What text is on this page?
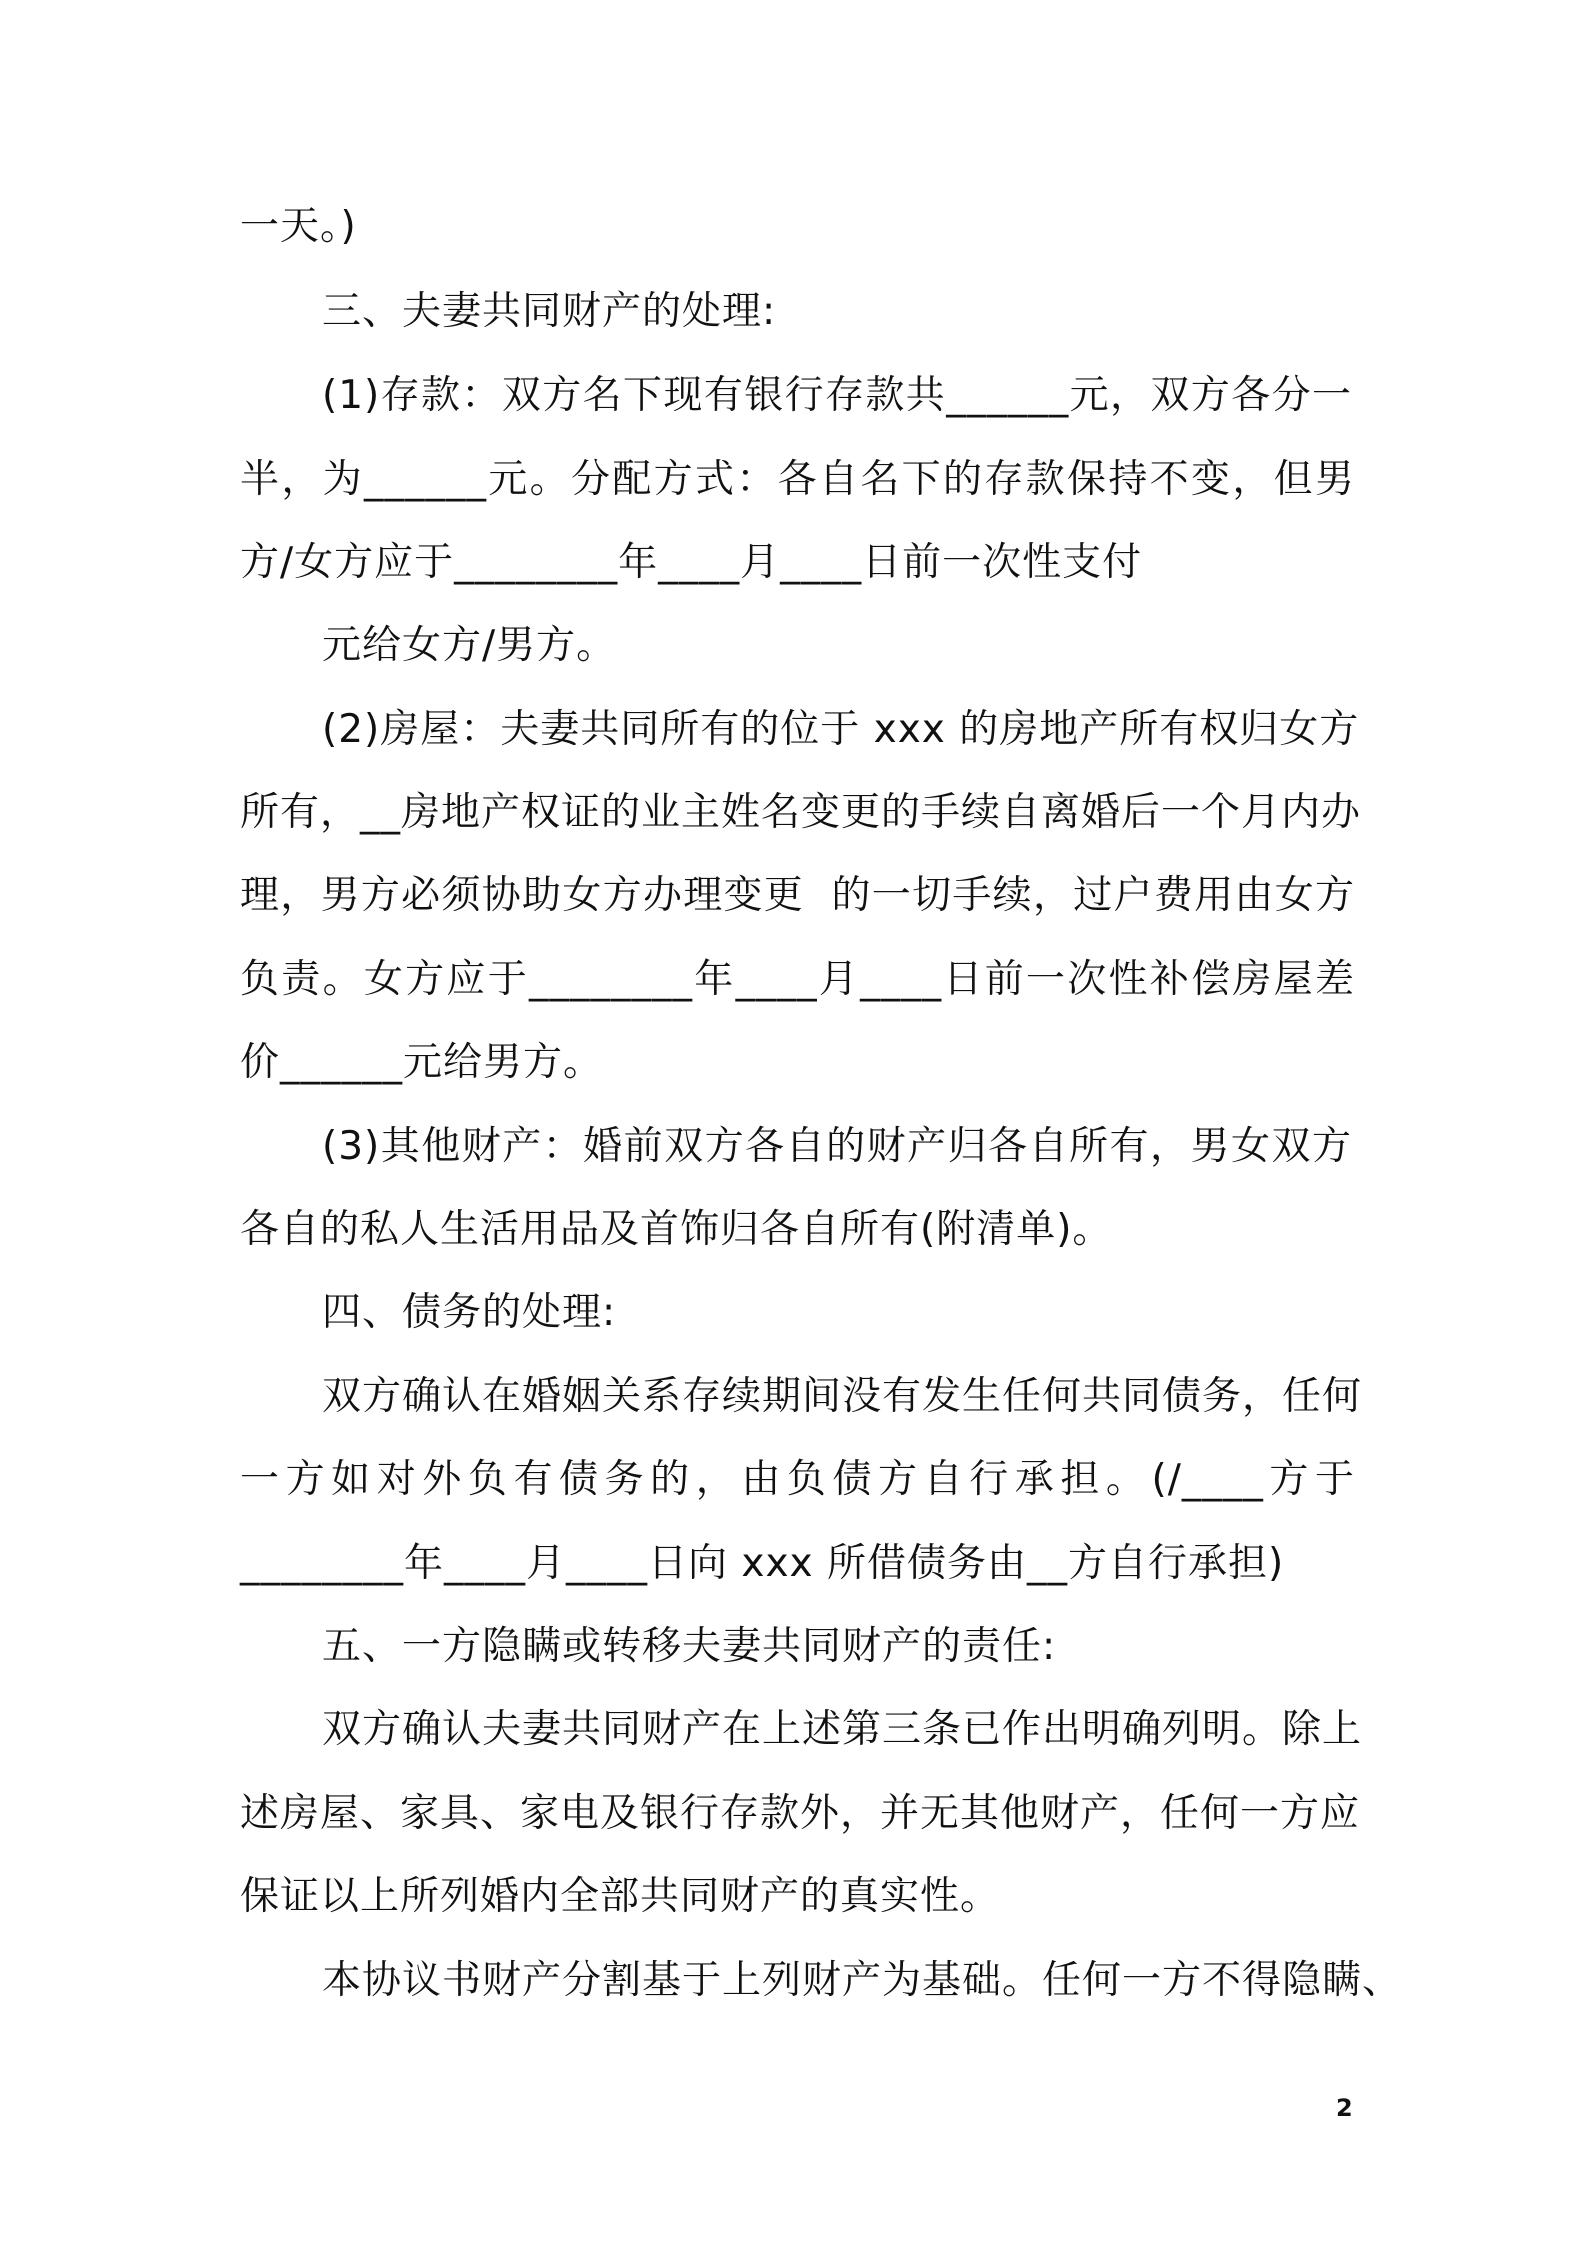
一天。)
三、夫妻共同财产的处理:
(1)存款：双方名下现有银行存款共______元，双方各分一
半，为______元。分配方式：各自名下的存款保持不变，但男
方/女方应于________年____月____日前一次性支付
元给女方/男方。
(2)房屋：夫妻共同所有的位于 xxx 的房地产所有权归女方
所有，__房地产权证的业主姓名变更的手续自离婚后一个月内办
理，男方必须协助女方办理变更  的一切手续，过户费用由女方
负责。女方应于________年____月____日前一次性补偿房屋差
价______元给男方。
(3)其他财产：婚前双方各自的财产归各自所有，男女双方
各自的私人生活用品及首饰归各自所有(附清单)。
四、债务的处理:
双方确认在婚姻关系存续期间没有发生任何共同债务，任何
一方如对外负有债务的，由负债方自行承担。(/____方于
________年____月____日向 xxx 所借债务由__方自行承担)
五、一方隐瞒或转移夫妻共同财产的责任:
双方确认夫妻共同财产在上述第三条已作出明确列明。除上
述房屋、家具、家电及银行存款外，并无其他财产，任何一方应
保证以上所列婚内全部共同财产的真实性。
本协议书财产分割基于上列财产为基础。任何一方不得隐瞒、
2
